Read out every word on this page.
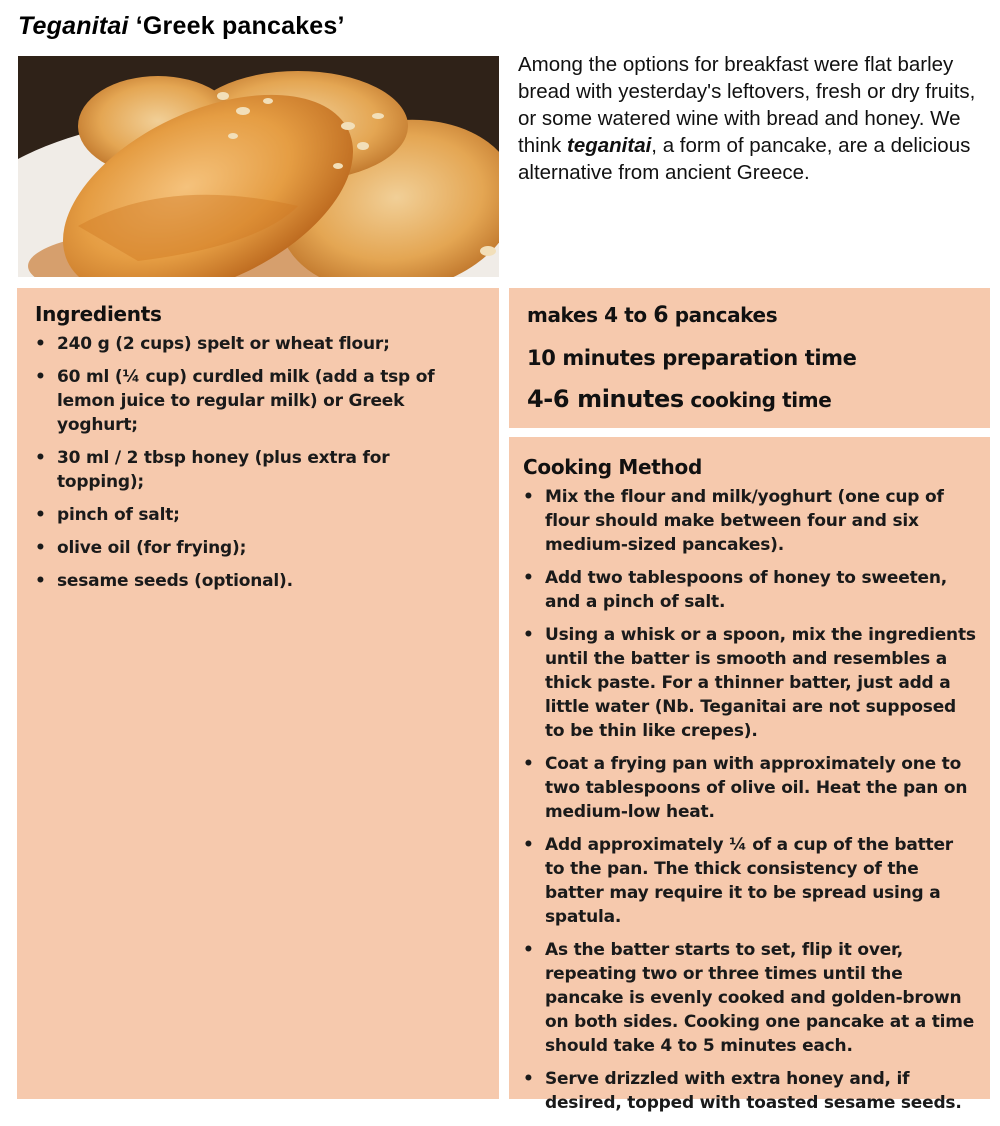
Teganitai ‘Greek pancakes’
Among the options for breakfast were flat barley bread with yesterday's leftovers, fresh or dry fruits, or some watered wine with bread and honey. We think teganitai, a form of pancake, are a delicious alternative from ancient Greece.
Ingredients
• 240 g (2 cups) spelt or wheat flour;
• 60 ml (¼ cup) curdled milk (add a tsp of lemon juice to regular milk) or Greek yoghurt;
• 30 ml / 2 tbsp honey (plus extra for topping);
• pinch of salt;
• olive oil (for frying);
• sesame seeds (optional).
makes 4 to 6 pancakes
10 minutes preparation time
4-6 minutes cooking time
Cooking Method
• Mix the flour and milk/yoghurt (one cup of flour should make between four and six medium-sized pancakes).
• Add two tablespoons of honey to sweeten, and a pinch of salt.
• Using a whisk or a spoon, mix the ingredients until the batter is smooth and resembles a thick paste. For a thinner batter, just add a little water (Nb. Teganitai are not supposed to be thin like crepes).
• Coat a frying pan with approximately one to two tablespoons of olive oil. Heat the pan on medium-low heat.
• Add approximately ¼ of a cup of the batter to the pan. The thick consistency of the batter may require it to be spread using a spatula.
• As the batter starts to set, flip it over, repeating two or three times until the pancake is evenly cooked and golden-brown on both sides. Cooking one pancake at a time should take 4 to 5 minutes each.
• Serve drizzled with extra honey and, if desired, topped with toasted sesame seeds.
